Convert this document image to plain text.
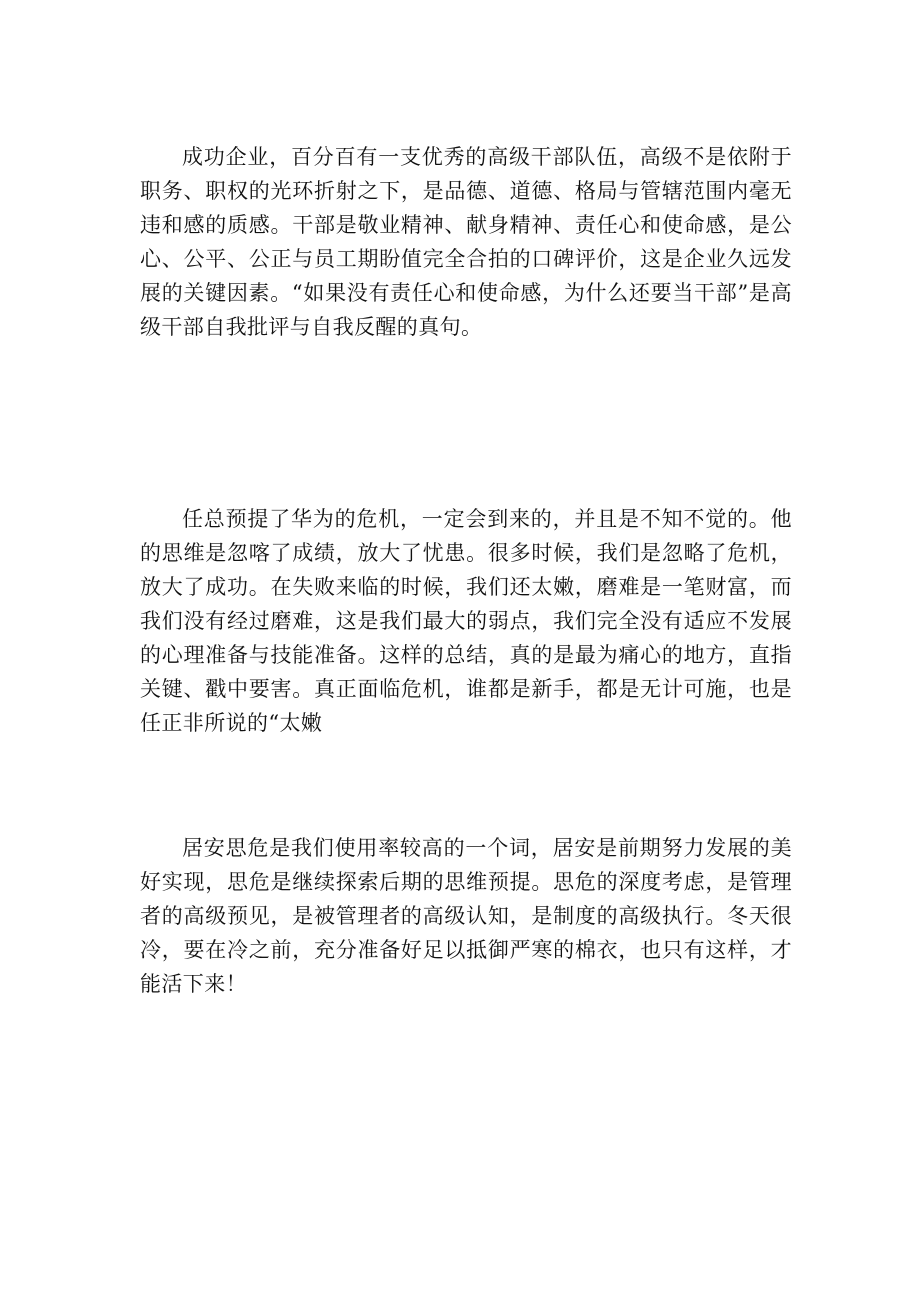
成功企业，百分百有一支优秀的高级干部队伍，高级不是依附于职务、职权的光环折射之下，是品德、道德、格局与管辖范围内毫无违和感的质感。干部是敬业精神、献身精神、责任心和使命感，是公心、公平、公正与员工期盼值完全合拍的口碑评价，这是企业久远发展的关键因素。“如果没有责任心和使命感，为什么还要当干部”是高级干部自我批评与自我反醒的真句。

任总预提了华为的危机，一定会到来的，并且是不知不觉的。他的思维是忽喀了成绩，放大了忧患。很多时候，我们是忽略了危机，放大了成功。在失败来临的时候，我们还太嫩，磨难是一笔财富，而我们没有经过磨难，这是我们最大的弱点，我们完全没有适应不发展的心理准备与技能准备。这样的总结，真的是最为痛心的地方，直指关键、戳中要害。真正面临危机，谁都是新手，都是无计可施，也是任正非所说的“太嫩

居安思危是我们使用率较高的一个词，居安是前期努力发展的美好实现，思危是继续探索后期的思维预提。思危的深度考虑，是管理者的高级预见，是被管理者的高级认知，是制度的高级执行。冬天很冷，要在冷之前，充分准备好足以抵御严寒的棉衣，也只有这样，才能活下来！
